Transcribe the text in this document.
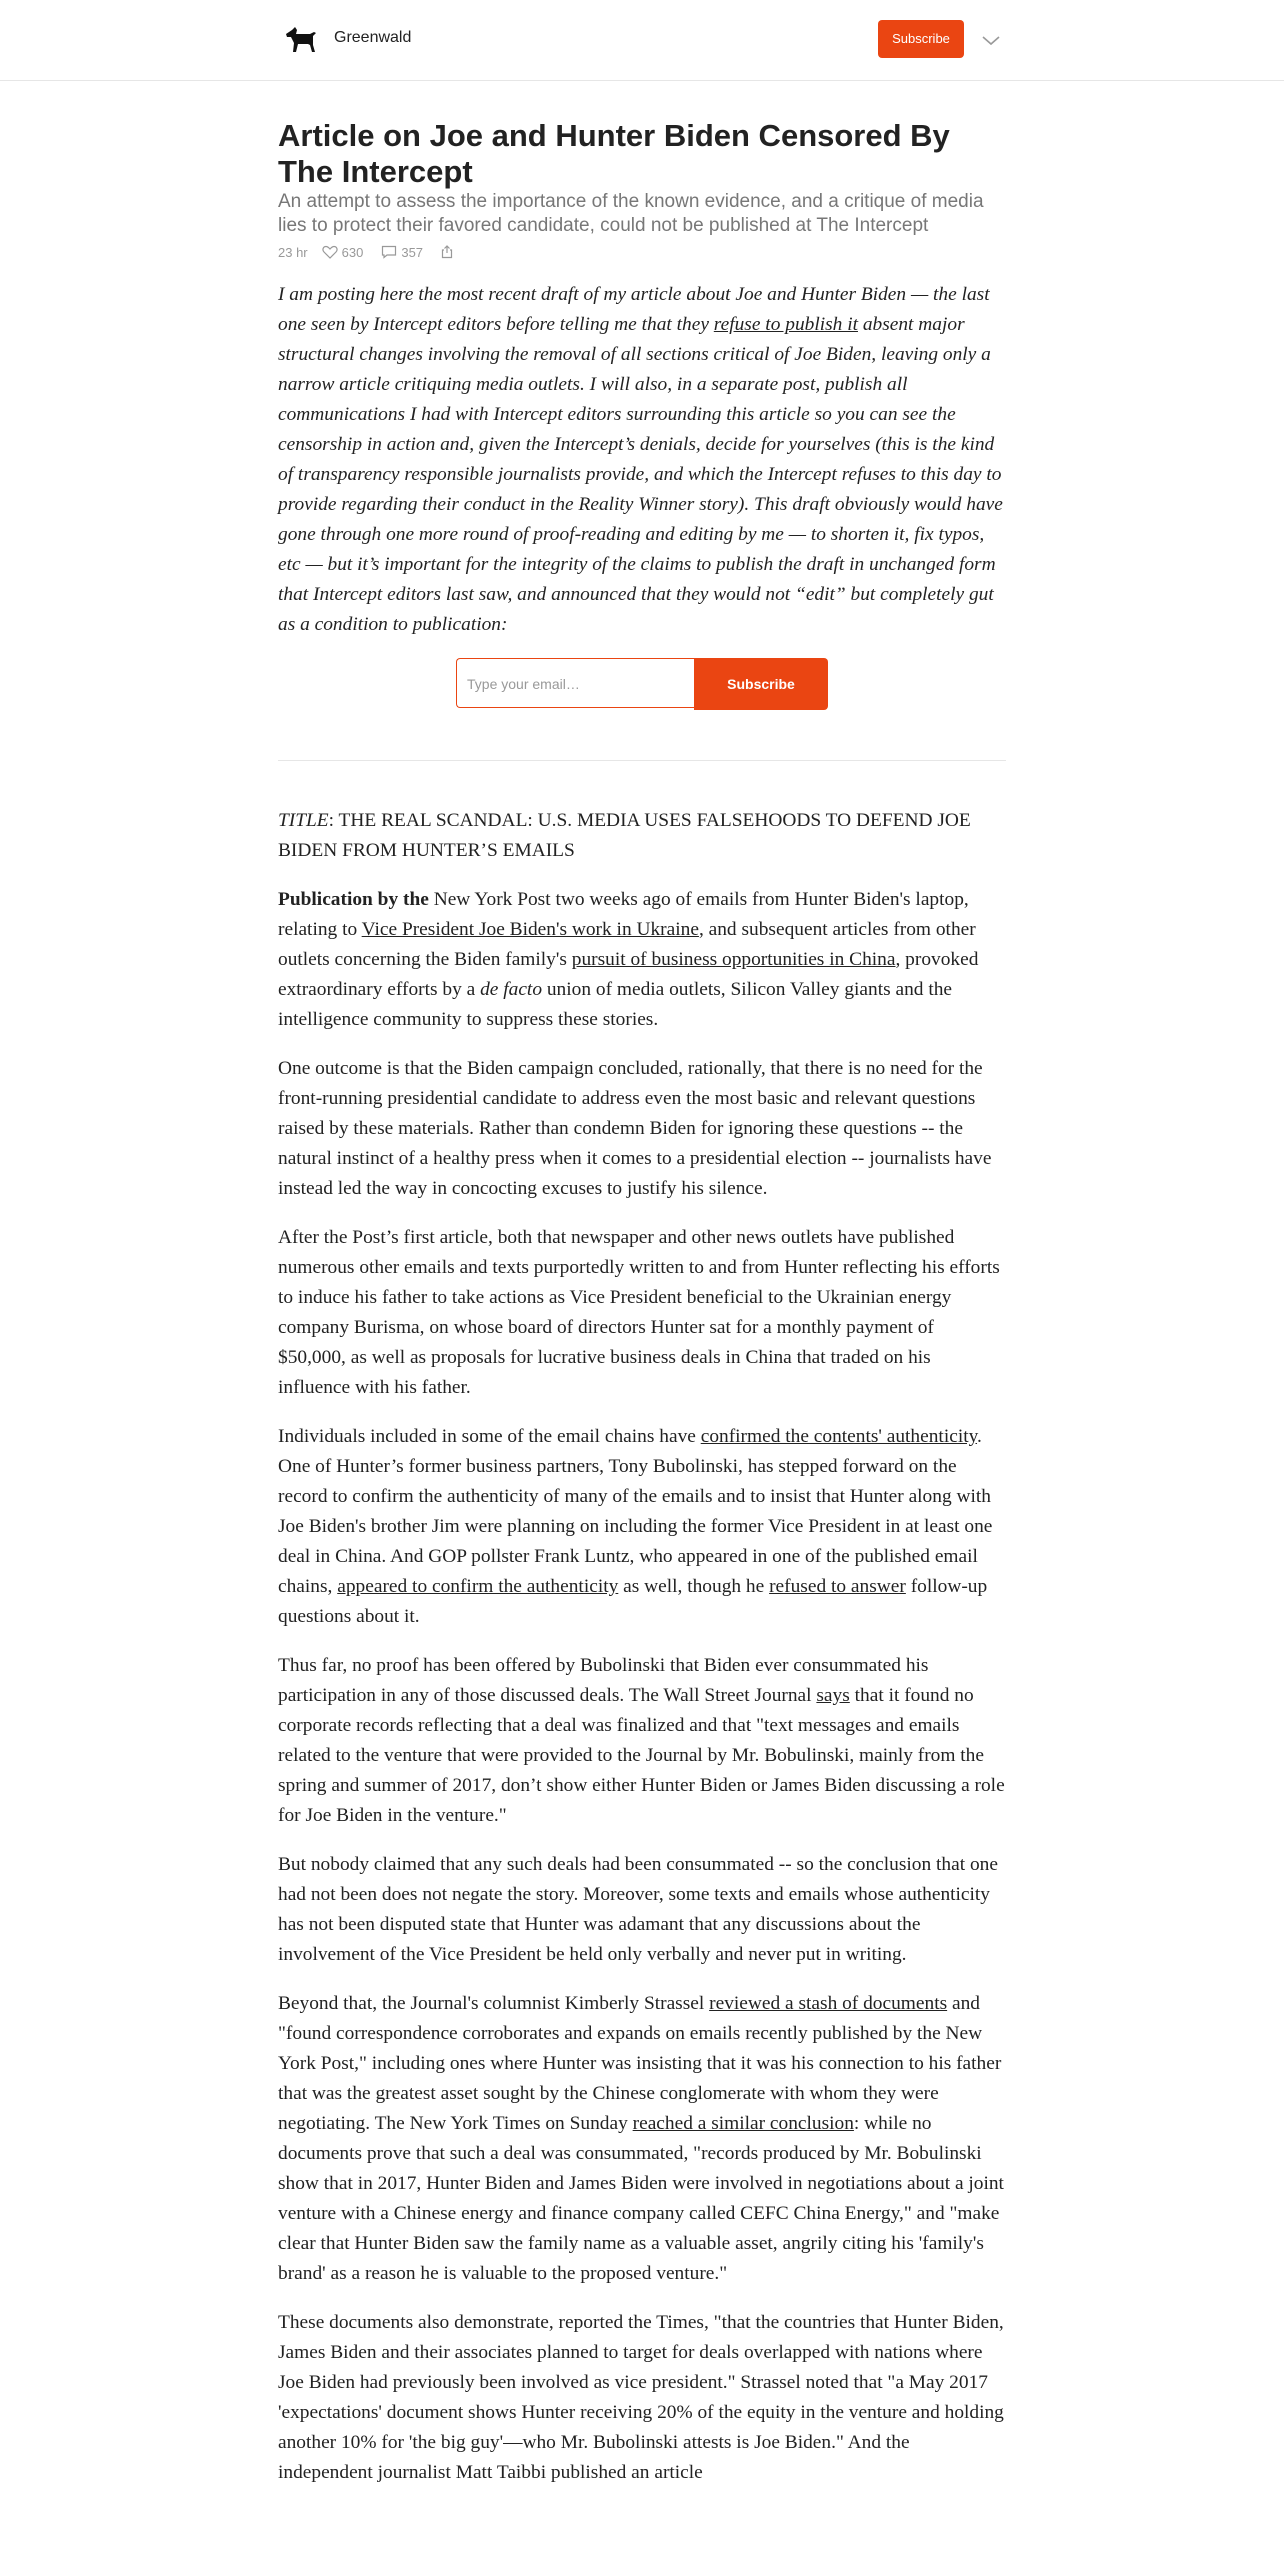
Greenwald	Subscribe
Article on Joe and Hunter Biden Censored By The Intercept
An attempt to assess the importance of the known evidence, and a critique of media lies to protect their favored candidate, could not be published at The Intercept
23 hr	630	357
I am posting here the most recent draft of my article about Joe and Hunter Biden — the last one seen by Intercept editors before telling me that they refuse to publish it absent major structural changes involving the removal of all sections critical of Joe Biden, leaving only a narrow article critiquing media outlets. I will also, in a separate post, publish all communications I had with Intercept editors surrounding this article so you can see the censorship in action and, given the Intercept’s denials, decide for yourselves (this is the kind of transparency responsible journalists provide, and which the Intercept refuses to this day to provide regarding their conduct in the Reality Winner story). This draft obviously would have gone through one more round of proof-reading and editing by me — to shorten it, fix typos, etc — but it’s important for the integrity of the claims to publish the draft in unchanged form that Intercept editors last saw, and announced that they would not “edit” but completely gut as a condition to publication:
Type your email…	Subscribe

TITLE: THE REAL SCANDAL: U.S. MEDIA USES FALSEHOODS TO DEFEND JOE BIDEN FROM HUNTER’S EMAILS

Publication by the New York Post two weeks ago of emails from Hunter Biden's laptop, relating to Vice President Joe Biden's work in Ukraine, and subsequent articles from other outlets concerning the Biden family's pursuit of business opportunities in China, provoked extraordinary efforts by a de facto union of media outlets, Silicon Valley giants and the intelligence community to suppress these stories.

One outcome is that the Biden campaign concluded, rationally, that there is no need for the front-running presidential candidate to address even the most basic and relevant questions raised by these materials. Rather than condemn Biden for ignoring these questions -- the natural instinct of a healthy press when it comes to a presidential election -- journalists have instead led the way in concocting excuses to justify his silence.

After the Post’s first article, both that newspaper and other news outlets have published numerous other emails and texts purportedly written to and from Hunter reflecting his efforts to induce his father to take actions as Vice President beneficial to the Ukrainian energy company Burisma, on whose board of directors Hunter sat for a monthly payment of $50,000, as well as proposals for lucrative business deals in China that traded on his influence with his father.

Individuals included in some of the email chains have confirmed the contents' authenticity. One of Hunter’s former business partners, Tony Bubolinski, has stepped forward on the record to confirm the authenticity of many of the emails and to insist that Hunter along with Joe Biden's brother Jim were planning on including the former Vice President in at least one deal in China. And GOP pollster Frank Luntz, who appeared in one of the published email chains, appeared to confirm the authenticity as well, though he refused to answer follow-up questions about it.

Thus far, no proof has been offered by Bubolinski that Biden ever consummated his participation in any of those discussed deals. The Wall Street Journal says that it found no corporate records reflecting that a deal was finalized and that "text messages and emails related to the venture that were provided to the Journal by Mr. Bobulinski, mainly from the spring and summer of 2017, don’t show either Hunter Biden or James Biden discussing a role for Joe Biden in the venture."

But nobody claimed that any such deals had been consummated -- so the conclusion that one had not been does not negate the story. Moreover, some texts and emails whose authenticity has not been disputed state that Hunter was adamant that any discussions about the involvement of the Vice President be held only verbally and never put in writing.

Beyond that, the Journal's columnist Kimberly Strassel reviewed a stash of documents and "found correspondence corroborates and expands on emails recently published by the New York Post," including ones where Hunter was insisting that it was his connection to his father that was the greatest asset sought by the Chinese conglomerate with whom they were negotiating. The New York Times on Sunday reached a similar conclusion: while no documents prove that such a deal was consummated, "records produced by Mr. Bobulinski show that in 2017, Hunter Biden and James Biden were involved in negotiations about a joint venture with a Chinese energy and finance company called CEFC China Energy," and "make clear that Hunter Biden saw the family name as a valuable asset, angrily citing his 'family's brand' as a reason he is valuable to the proposed venture."

These documents also demonstrate, reported the Times, "that the countries that Hunter Biden, James Biden and their associates planned to target for deals overlapped with nations where Joe Biden had previously been involved as vice president." Strassel noted that "a May 2017 'expectations' document shows Hunter receiving 20% of the equity in the venture and holding another 10% for 'the big guy'—who Mr. Bubolinski attests is Joe Biden." And the independent journalist Matt Taibbi published an article
